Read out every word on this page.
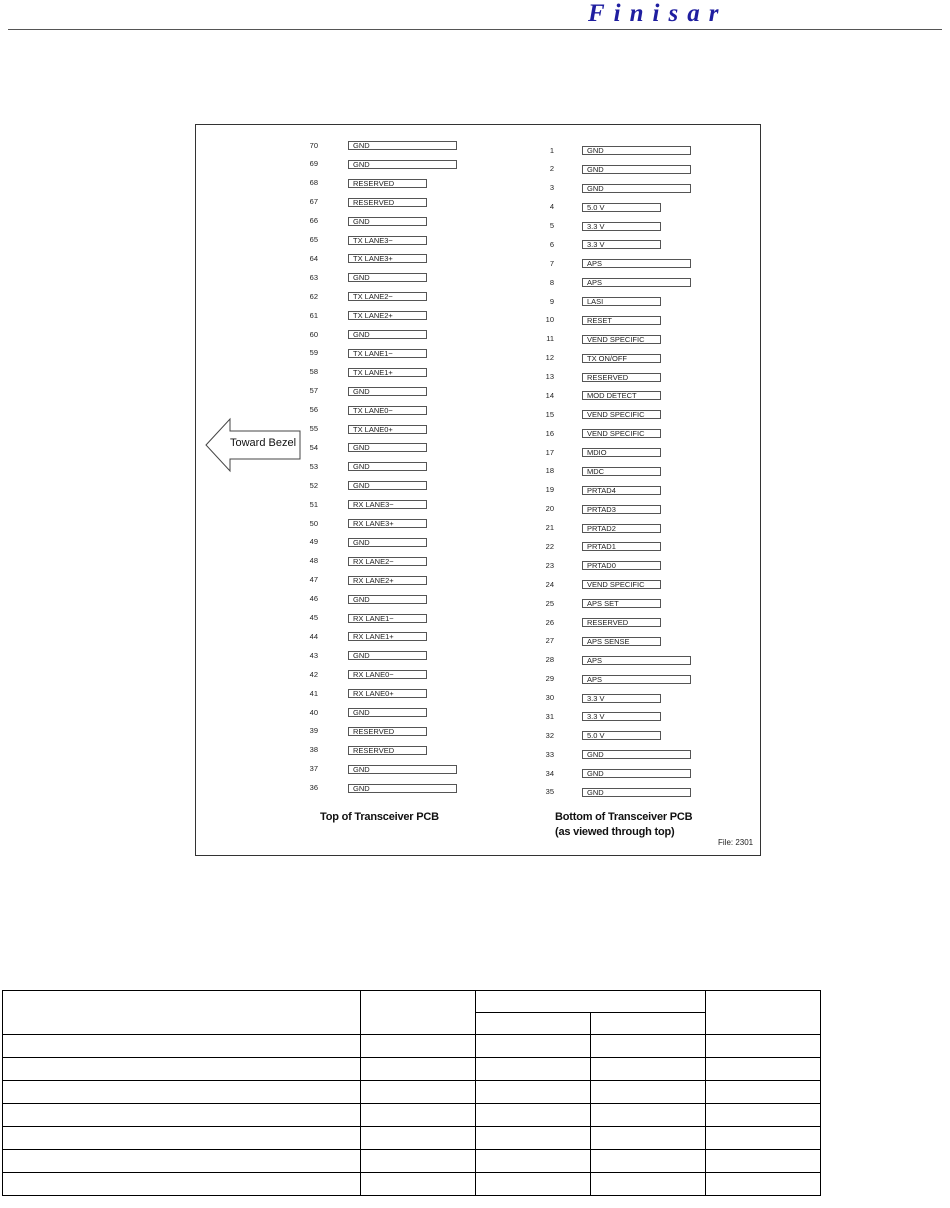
Finisar
70	GND
69	GND
68	RESERVED
67	RESERVED
66	GND
65	TX LANE3−
64	TX LANE3+
63	GND
62	TX LANE2−
61	TX LANE2+
60	GND
59	TX LANE1−
58	TX LANE1+
57	GND
56	TX LANE0−
55	TX LANE0+
54	GND
53	GND
52	GND
51	RX LANE3−
50	RX LANE3+
49	GND
48	RX LANE2−
47	RX LANE2+
46	GND
45	RX LANE1−
44	RX LANE1+
43	GND
42	RX LANE0−
41	RX LANE0+
40	GND
39	RESERVED
38	RESERVED
37	GND
36	GND
1	GND
2	GND
3	GND
4	5.0 V
5	3.3 V
6	3.3 V
7	APS
8	APS
9	LASI
10	RESET
11	VEND SPECIFIC
12	TX ON/OFF
13	RESERVED
14	MOD DETECT
15	VEND SPECIFIC
16	VEND SPECIFIC
17	MDIO
18	MDC
19	PRTAD4
20	PRTAD3
21	PRTAD2
22	PRTAD1
23	PRTAD0
24	VEND SPECIFIC
25	APS SET
26	RESERVED
27	APS SENSE
28	APS
29	APS
30	3.3 V
31	3.3 V
32	5.0 V
33	GND
34	GND
35	GND
Toward Bezel
Top of Transceiver PCB	Bottom of Transceiver PCB
(as viewed through top)
File: 2301
